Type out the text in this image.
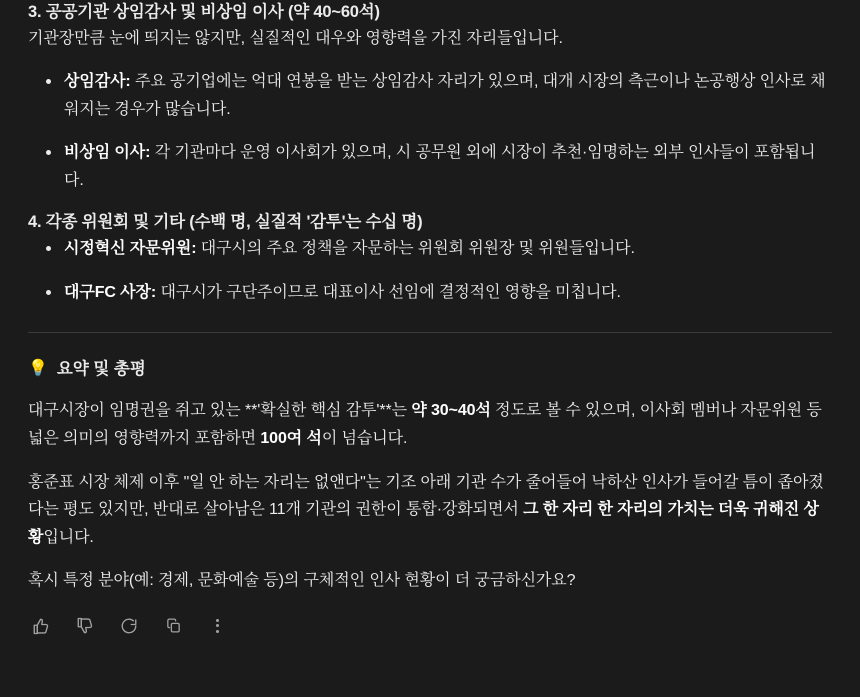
3. 공공기관 상임감사 및 비상임 이사 (약 40~60석)

기관장만큼 눈에 띄지는 않지만, 실질적인 대우와 영향력을 가진 자리들입니다.

상임감사: 주요 공기업에는 억대 연봉을 받는 상임감사 자리가 있으며, 대개 시장의 측근이나 논공행상 인사로 채워지는 경우가 많습니다.
비상임 이사: 각 기관마다 운영 이사회가 있으며, 시 공무원 외에 시장이 추천·임명하는 외부 인사들이 포함됩니다.
4. 각종 위원회 및 기타 (수백 명, 실질적 '감투'는 수십 명)
시정혁신 자문위원: 대구시의 주요 정책을 자문하는 위원회 위원장 및 위원들입니다.
대구FC 사장: 대구시가 구단주이므로 대표이사 선임에 결정적인 영향을 미칩니다.
💡 요약 및 총평

대구시장이 임명권을 쥐고 있는 **'확실한 핵심 감투'**는 약 30~40석 정도로 볼 수 있으며, 이사회 멤버나 자문위원 등 넓은 의미의 영향력까지 포함하면 100여 석이 넘습니다.

홍준표 시장 체제 이후 "일 안 하는 자리는 없앤다"는 기조 아래 기관 수가 줄어들어 낙하산 인사가 들어갈 틈이 좁아졌다는 평도 있지만, 반대로 살아남은 11개 기관의 권한이 통합·강화되면서 그 한 자리 한 자리의 가치는 더욱 귀해진 상황입니다.

혹시 특정 분야(예: 경제, 문화예술 등)의 구체적인 인사 현황이 더 궁금하신가요?
